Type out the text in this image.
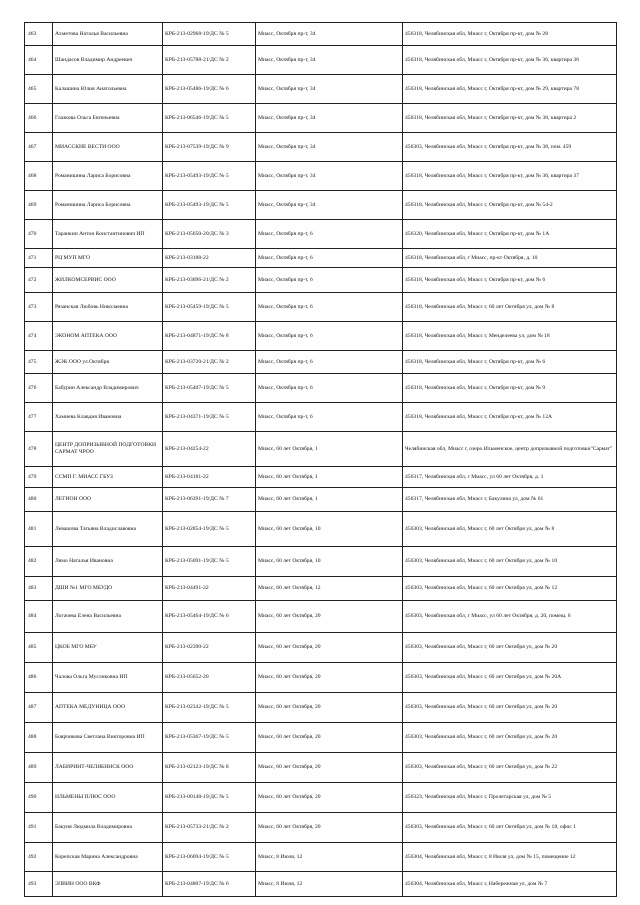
463	Ахметова Наталья Васильевна	КРБ-213-02968-19/ДС № 5	Миасс, Октября пр-т, 34	456318, Челябинская обл, Миасс г, Октября пр-кт, дом № 28
464	Шандасов Владимир Андреевич	КРБ-213-05788-21/ДС № 2	Миасс, Октября пр-т, 34	456318, Челябинская обл, Миасс г, Октября пр-кт, дом № 36, квартира 36
465	Калашина Юлия Анатольевна	КРБ-213-05486-19/ДС № 6	Миасс, Октября пр-т, 34	456318, Челябинская обл, Миасс г, Октября пр-кт, дом № 29, квартира 78
466	Глазкова Ольга Евгеньевна	КРБ-213-06546-19/ДС № 5	Миасс, Октября пр-т, 34	456318, Челябинская обл, Миасс г, Октября пр-кт, дом № 38, квартира 2
467	МИАССКИЕ ВЕСТИ ООО	КРБ-213-07539-19/ДС № 9	Миасс, Октября пр-т, 34	456303, Челябинская обл, Миасс г, Октября пр-кт, дом № 38, пом. 459
468	Романишина Лариса Борисовна	КРБ-213-05493-19/ДС № 5	Миасс, Октября пр-т, 34	456318, Челябинская обл, Миасс г, Октября пр-кт, дом № 36, квартира 37
469	Романишина Лариса Борисовна	КРБ-213-05493-19/ДС № 5	Миасс, Октября пр-т, 34	456318, Челябинская обл, Миасс г, Октября пр-кт, дом № 54-2
470	Таранкин Антон Константинович ИП	КРБ-213-05650-20/ДС № 3	Миасс, Октября пр-т, 6	456320, Челябинская обл, Миасс г, Октября пр-кт, дом № 1А
471	РЦ МУП МГО	КРБ-213-03188-22	Миасс, Октября пр-т, 6	456318, Челябинская обл, г Миасс, пр-кт Октября, д. 10
472	ЖИЛКОМСЕРВИС ООО	КРБ-213-03696-21/ДС № 2	Миасс, Октября пр-т, 6	456318, Челябинская обл, Миасс г, Октября пр-кт, дом № 6
473	Рязанская Любовь Николаевна	КРБ-213-05459-19/ДС № 5	Миасс, Октября пр-т, 6	456318, Челябинская обл, Миасс г, 60 лет Октября ул, дом № 8
474	ЭКОНОМ АПТЕКА ООО	КРБ-213-04871-19/ДС № 8	Миасс, Октября пр-т, 6	456318, Челябинская обл, Миасс г, Менделеева ул, дом № 18
475	ЖЭК ООО ул.Октября	КРБ-213-03720-21/ДС № 2	Миасс, Октября пр-т, 6	456318, Челябинская обл, Миасс г, Октября пр-кт, дом № 6
476	Бабурин Александр Владимирович	КРБ-213-05407-19/ДС № 5	Миасс, Октября пр-т, 6	456318, Челябинская обл, Миасс г, Октября пр-кт, дом № 9
477	Хамиева Клавдия Ивановна	КРБ-213-04371-19/ДС № 5	Миасс, Октября пр-т, 6	456318, Челябинская обл, Миасс г, Октября пр-кт, дом № 12А
478	ЦЕНТР ДОПРИЗЫВНОЙ ПОДГОТОВКИ САРМАТ ЧРОО	КРБ-213-04254-22	Миасс, 60 лет Октября, 1	Челябинская обл, Миасс г, озеро Ильменское, центр допризывной подготовки"Сармат"
479	ССМП Г. МИАСС ГБУЗ	КРБ-213-04181-22	Миасс, 60 лет Октября, 1	456317, Челябинская обл, г Миасс, ул 60 лет Октября, д. 1
480	ЛЕГИОН ООО	КРБ-213-06391-19/ДС № 7	Миасс, 60 лет Октября, 1	456317, Челябинская обл, Миасс г, Бакулина ул, дом № 61
481	Левашова Татьяна Владиславовна	КРБ-213-02854-19/ДС № 5	Миасс, 60 лет Октября, 10	456303, Челябинская обл, Миасс г, 60 лет Октября ул, дом № 8
482	Лямо Наталья Ивановна	КРБ-213-05691-19/ДС № 5	Миасс, 60 лет Октября, 10	456303, Челябинская обл, Миасс г, 60 лет Октября ул, дом № 10
483	ДШИ №1 МГО МБУДО	КРБ-213-04491-22	Миасс, 60 лет Октября, 12	456303, Челябинская обл, Миасс г, 60 лет Октября ул, дом № 12
484	Логачева Елена Васильевна	КРБ-213-05464-19/ДС № 6	Миасс, 60 лет Октября, 20	456303, Челябинская обл, г Миасс, ул 60 лет Октября, д. 20, помещ. 6
485	ЦКОБ МГО МБУ	КРБ-213-02390-22	Миасс, 60 лет Октября, 20	456303, Челябинская обл, Миасс г, 60 лет Октября ул, дом № 20
486	Чалова Ольга Мусликовна ИП	КРБ-213-05652-20	Миасс, 60 лет Октября, 20	456303, Челябинская обл, Миасс г, 60 лет Октября ул, дом № 20А
487	АПТЕКА МЕДУНИЦА ООО	КРБ-213-02342-19/ДС № 5	Миасс, 60 лет Октября, 20	456303, Челябинская обл, Миасс г, 60 лет Октября ул, дом № 20
488	Боярчикова Светлана Викторовна ИП	КРБ-213-05367-19/ДС № 5	Миасс, 60 лет Октября, 20	456303, Челябинская обл, Миасс г, 60 лет Октября ул, дом № 20
489	ЛАБИРИНТ-ЧЕЛЯБИНСК ООО	КРБ-213-02123-19/ДС № 8	Миасс, 60 лет Октября, 20	456303, Челябинская обл, Миасс г, 60 лет Октября ул, дом № 22
490	ИЛЬМЕНЫ ПЛЮС ООО	КРБ-213-00148-19/ДС № 5	Миасс, 60 лет Октября, 20	456323, Челябинская обл, Миасс г, Пролетарская ул, дом № 5
491	Бакуня Людмила Владимировна	КРБ-213-05733-21/ДС № 2	Миасс, 60 лет Октября, 20	456303, Челябинская обл, Миасс г, 60 лет Октября ул, дом № 18, офис 1
492	Корепская Марина Александровна	КРБ-213-06694-19/ДС № 5	Миасс, 8 Июля, 12	456304, Челябинская обл, Миасс г, 8 Июля ул, дом № 15, помещение 12
493	ЭЛВИН ООО ВКФ	КРБ-213-04807-19/ДС № 6	Миасс, 8 Июля, 12	456304, Челябинская обл, Миасс г, Набережная ул, дом № 7
